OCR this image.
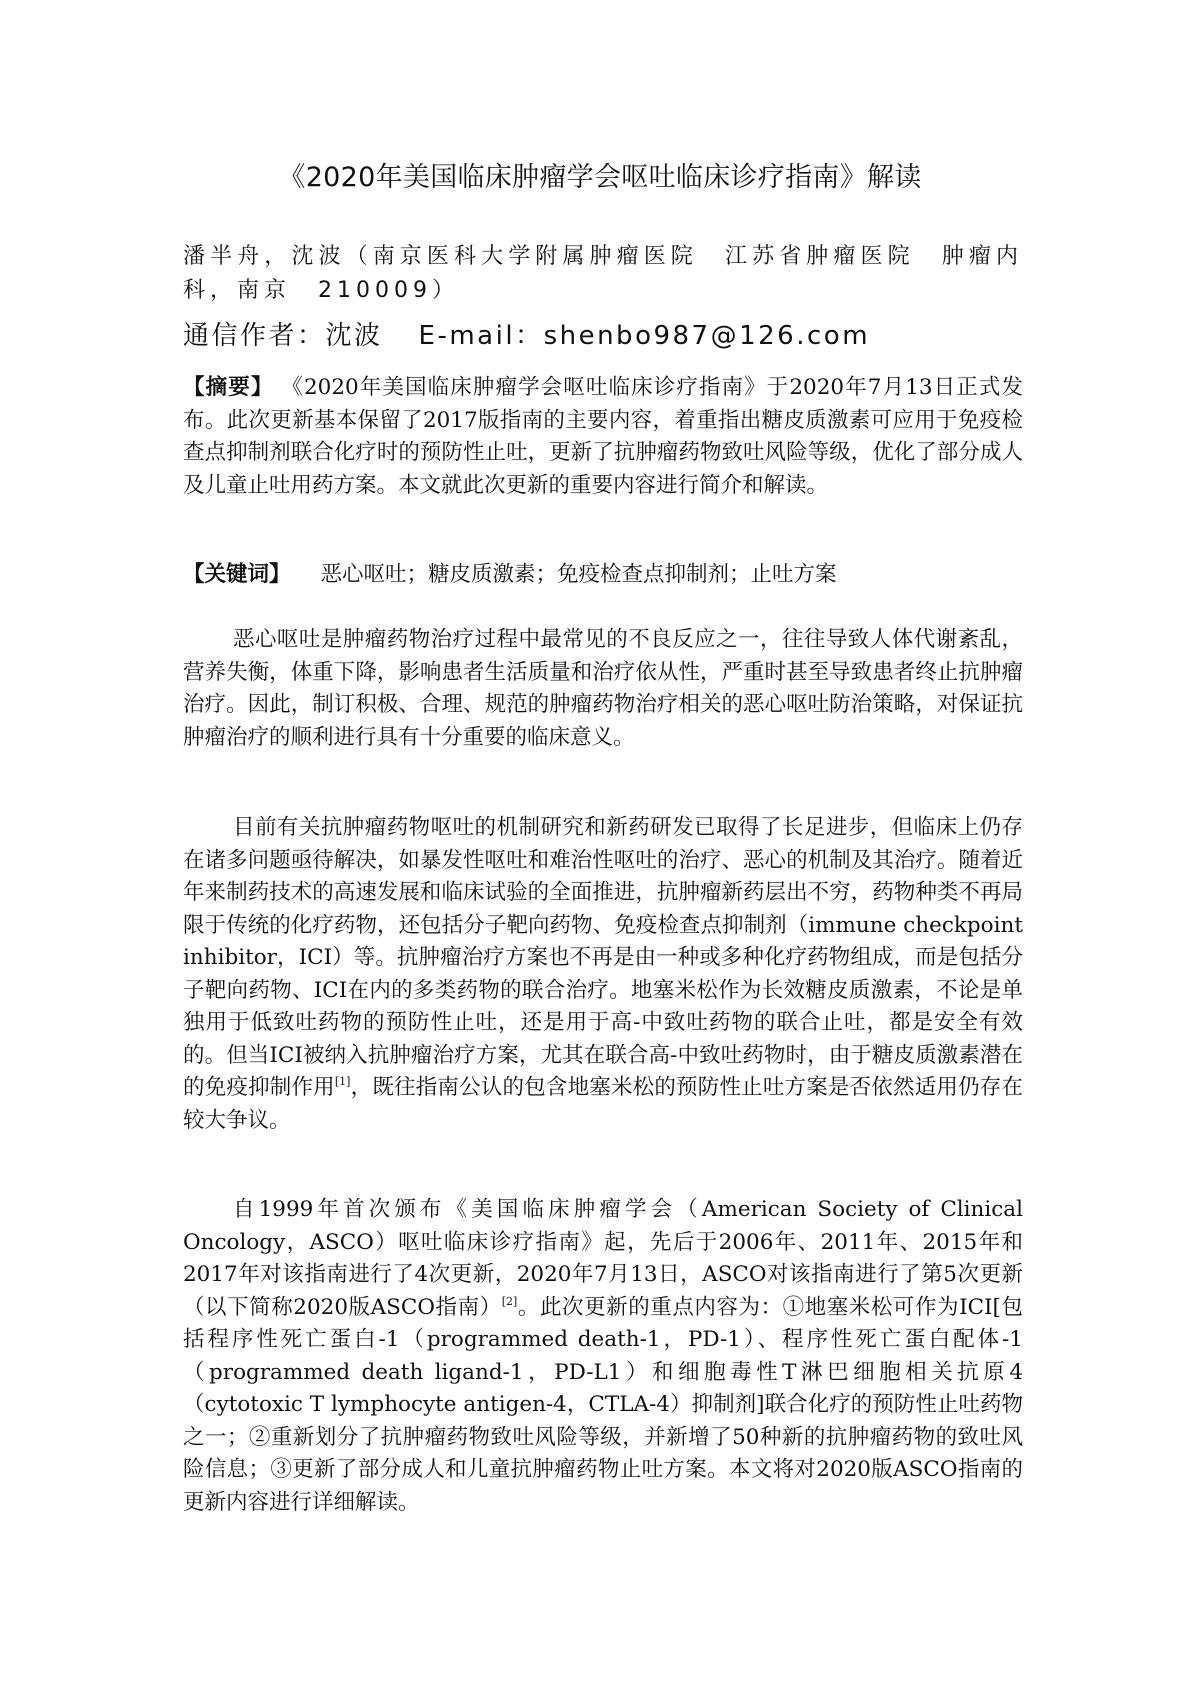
《2020年美国临床肿瘤学会呕吐临床诊疗指南》解读
潘半舟，沈波（南京医科大学附属肿瘤医院　江苏省肿瘤医院　肿瘤内科，南京　210009）
通信作者：沈波 E-mail：shenbo987@126.com
【摘要】 《2020年美国临床肿瘤学会呕吐临床诊疗指南》于2020年7月13日正式发布。此次更新基本保留了2017版指南的主要内容，着重指出糖皮质激素可应用于免疫检查点抑制剂联合化疗时的预防性止吐，更新了抗肿瘤药物致吐风险等级，优化了部分成人及儿童止吐用药方案。本文就此次更新的重要内容进行简介和解读。
【关键词】 恶心呕吐；糖皮质激素；免疫检查点抑制剂；止吐方案

恶心呕吐是肿瘤药物治疗过程中最常见的不良反应之一，往往导致人体代谢紊乱，营养失衡，体重下降，影响患者生活质量和治疗依从性，严重时甚至导致患者终止抗肿瘤治疗。因此，制订积极、合理、规范的肿瘤药物治疗相关的恶心呕吐防治策略，对保证抗肿瘤治疗的顺利进行具有十分重要的临床意义。

目前有关抗肿瘤药物呕吐的机制研究和新药研发已取得了长足进步，但临床上仍存在诸多问题亟待解决，如暴发性呕吐和难治性呕吐的治疗、恶心的机制及其治疗。随着近年来制药技术的高速发展和临床试验的全面推进，抗肿瘤新药层出不穷，药物种类不再局限于传统的化疗药物，还包括分子靶向药物、免疫检查点抑制剂（immune checkpoint inhibitor，ICI）等。抗肿瘤治疗方案也不再是由一种或多种化疗药物组成，而是包括分子靶向药物、ICI在内的多类药物的联合治疗。地塞米松作为长效糖皮质激素，不论是单独用于低致吐药物的预防性止吐，还是用于高-中致吐药物的联合止吐，都是安全有效的。但当ICI被纳入抗肿瘤治疗方案，尤其在联合高-中致吐药物时，由于糖皮质激素潜在的免疫抑制作用[1]，既往指南公认的包含地塞米松的预防性止吐方案是否依然适用仍存在较大争议。

自1999年首次颁布《美国临床肿瘤学会（American Society of Clinical Oncology，ASCO）呕吐临床诊疗指南》起，先后于2006年、2011年、2015年和2017年对该指南进行了4次更新，2020年7月13日，ASCO对该指南进行了第5次更新（以下简称2020版ASCO指南）[2]。此次更新的重点内容为：①地塞米松可作为ICI[包括程序性死亡蛋白-1（programmed death-1，PD-1）、程序性死亡蛋白配体-1（programmed death ligand-1，PD-L1）和细胞毒性T淋巴细胞相关抗原4（cytotoxic T lymphocyte antigen-4，CTLA-4）抑制剂]联合化疗的预防性止吐药物之一；②重新划分了抗肿瘤药物致吐风险等级，并新增了50种新的抗肿瘤药物的致吐风险信息；③更新了部分成人和儿童抗肿瘤药物止吐方案。本文将对2020版ASCO指南的更新内容进行详细解读。
